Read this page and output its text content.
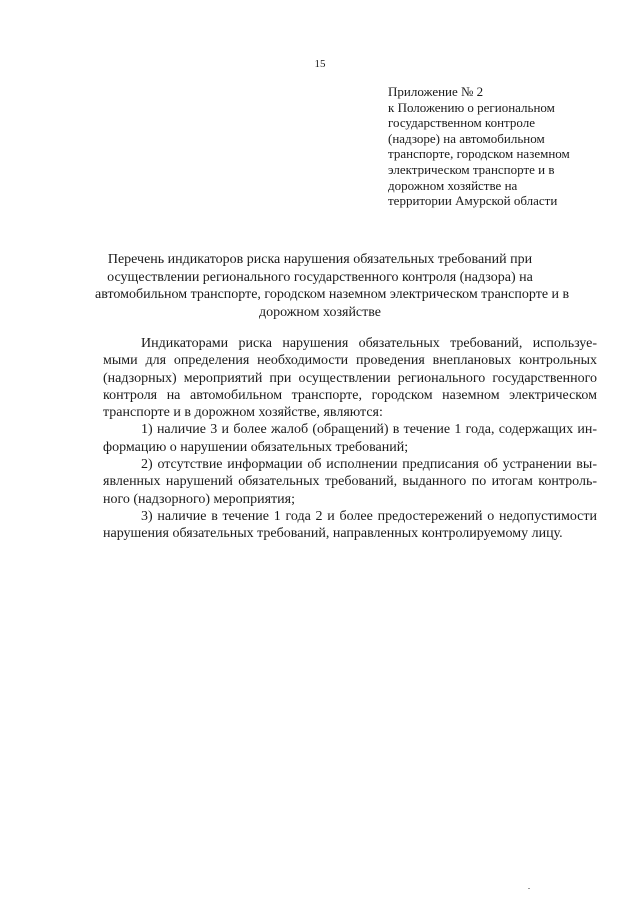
15
Приложение № 2
к Положению о региональном
государственном контроле
(надзоре) на автомобильном
транспорте, городском наземном
электрическом транспорте и в
дорожном хозяйстве на
территории Амурской области
Перечень индикаторов риска нарушения обязательных требований при
осуществлении регионального государственного контроля (надзора) на
автомобильном транспорте, городском наземном электрическом транспорте и в
дорожном хозяйстве
Индикаторами риска нарушения обязательных требований, используе-
мыми для определения необходимости проведения внеплановых контрольных
(надзорных) мероприятий при осуществлении регионального государственного
контроля на автомобильном транспорте, городском наземном электрическом
транспорте и в дорожном хозяйстве, являются:
1) наличие 3 и более жалоб (обращений) в течение 1 года, содержащих ин-
формацию о нарушении обязательных требований;
2) отсутствие информации об исполнении предписания об устранении вы-
явленных нарушений обязательных требований, выданного по итогам контроль-
ного (надзорного) мероприятия;
3) наличие в течение 1 года 2 и более предостережений о недопустимости
нарушения обязательных требований, направленных контролируемому лицу.
